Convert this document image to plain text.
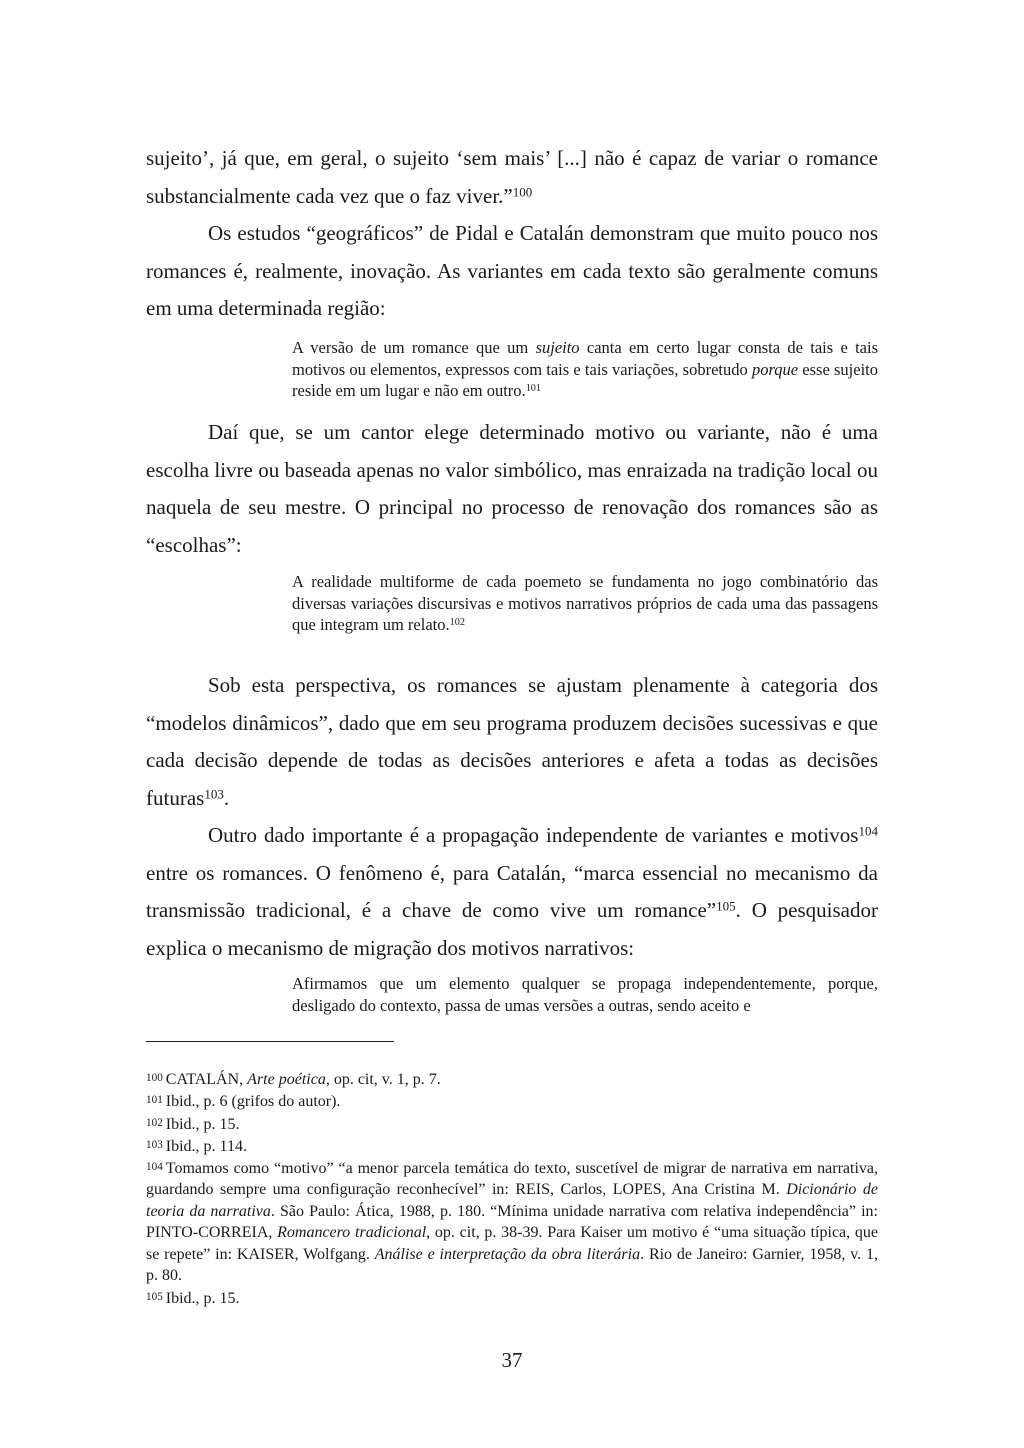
sujeito’, já que, em geral, o sujeito ‘sem mais’ [...] não é capaz de variar o romance substancialmente cada vez que o faz viver.”$^{100}$

Os estudos “geográficos” de Pidal e Catalán demonstram que muito pouco nos romances é, realmente, inovação. As variantes em cada texto são geralmente comuns em uma determinada região:

A versão de um romance que um sujeito canta em certo lugar consta de tais e tais motivos ou elementos, expressos com tais e tais variações, sobretudo porque esse sujeito reside em um lugar e não em outro.$^{101}$

Daí que, se um cantor elege determinado motivo ou variante, não é uma escolha livre ou baseada apenas no valor simbólico, mas enraizada na tradição local ou naquela de seu mestre. O principal no processo de renovação dos romances são as “escolhas”:

A realidade multiforme de cada poemeto se fundamenta no jogo combinatório das diversas variações discursivas e motivos narrativos próprios de cada uma das passagens que integram um relato.$^{102}$

Sob esta perspectiva, os romances se ajustam plenamente à categoria dos “modelos dinâmicos”, dado que em seu programa produzem decisões sucessivas e que cada decisão depende de todas as decisões anteriores e afeta a todas as decisões futuras$^{103}$.

Outro dado importante é a propagação independente de variantes e motivos$^{104}$ entre os romances. O fenômeno é, para Catalán, “marca essencial no mecanismo da transmissão tradicional, é a chave de como vive um romance”$^{105}$. O pesquisador explica o mecanismo de migração dos motivos narrativos:

Afirmamos que um elemento qualquer se propaga independentemente, porque, desligado do contexto, passa de umas versões a outras, sendo aceito e

100 CATALÁN, Arte poética, op. cit, v. 1, p. 7.

101 Ibid., p. 6 (grifos do autor).

102 Ibid., p. 15.

103 Ibid., p. 114.

104 Tomamos como “motivo” “a menor parcela temática do texto, suscetível de migrar de narrativa em narrativa, guardando sempre uma configuração reconhecível” in: REIS, Carlos, LOPES, Ana Cristina M. Dicionário de teoria da narrativa. São Paulo: Ática, 1988, p. 180. “Mínima unidade narrativa com relativa independência” in: PINTO-CORREIA, Romancero tradicional, op. cit, p. 38-39. Para Kaiser um motivo é “uma situação típica, que se repete” in: KAISER, Wolfgang. Análise e interpretação da obra literária. Rio de Janeiro: Garnier, 1958, v. 1, p. 80.

105 Ibid., p. 15.

37
